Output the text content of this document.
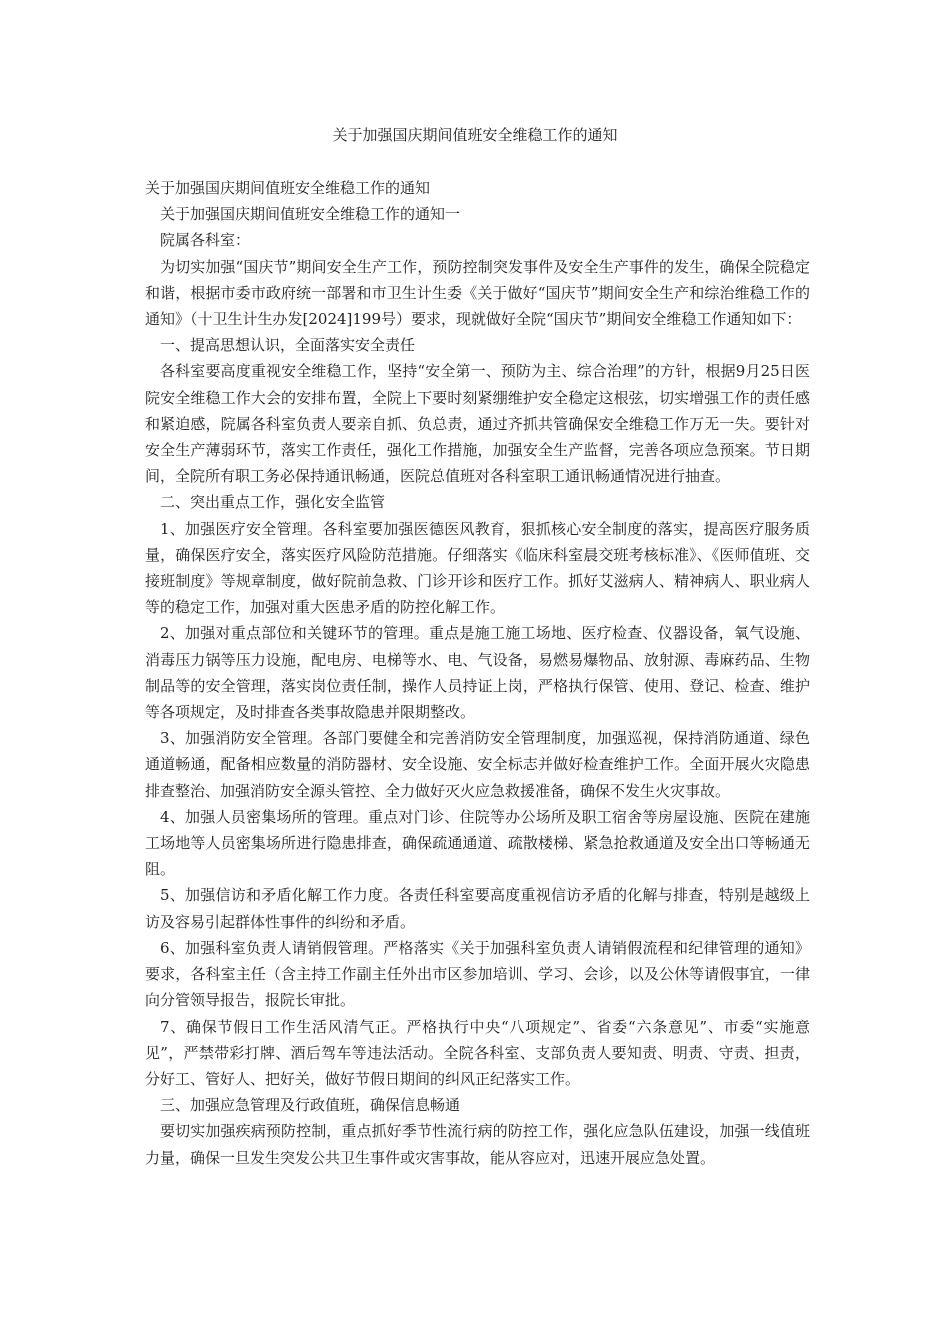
关于加强国庆期间值班安全维稳工作的通知

关于加强国庆期间值班安全维稳工作的通知

关于加强国庆期间值班安全维稳工作的通知一

院属各科室：

为切实加强“国庆节”期间安全生产工作，预防控制突发事件及安全生产事件的发生，确保全院稳定和谐，根据市委市政府统一部署和市卫生计生委《关于做好“国庆节”期间安全生产和综治维稳工作的通知》（十卫生计生办发[2024]199号）要求，现就做好全院“国庆节”期间安全维稳工作通知如下：

一、提高思想认识，全面落实安全责任

各科室要高度重视安全维稳工作，坚持“安全第一、预防为主、综合治理”的方针，根据9月25日医院安全维稳工作大会的安排布置，全院上下要时刻紧绷维护安全稳定这根弦，切实增强工作的责任感和紧迫感，院属各科室负责人要亲自抓、负总责，通过齐抓共管确保安全维稳工作万无一失。要针对安全生产薄弱环节，落实工作责任，强化工作措施，加强安全生产监督，完善各项应急预案。节日期间，全院所有职工务必保持通讯畅通，医院总值班对各科室职工通讯畅通情况进行抽查。

二、突出重点工作，强化安全监管

1、加强医疗安全管理。各科室要加强医德医风教育，狠抓核心安全制度的落实，提高医疗服务质量，确保医疗安全，落实医疗风险防范措施。仔细落实《临床科室晨交班考核标准》、《医师值班、交接班制度》等规章制度，做好院前急救、门诊开诊和医疗工作。抓好艾滋病人、精神病人、职业病人等的稳定工作，加强对重大医患矛盾的防控化解工作。

2、加强对重点部位和关键环节的管理。重点是施工施工场地、医疗检查、仪器设备，氧气设施、消毒压力锅等压力设施，配电房、电梯等水、电、气设备，易燃易爆物品、放射源、毒麻药品、生物制品等的安全管理，落实岗位责任制，操作人员持证上岗，严格执行保管、使用、登记、检查、维护等各项规定，及时排查各类事故隐患并限期整改。

3、加强消防安全管理。各部门要健全和完善消防安全管理制度，加强巡视，保持消防通道、绿色通道畅通，配备相应数量的消防器材、安全设施、安全标志并做好检查维护工作。全面开展火灾隐患排查整治、加强消防安全源头管控、全力做好灭火应急救援准备，确保不发生火灾事故。

4、加强人员密集场所的管理。重点对门诊、住院等办公场所及职工宿舍等房屋设施、医院在建施工场地等人员密集场所进行隐患排查，确保疏通通道、疏散楼梯、紧急抢救通道及安全出口等畅通无阻。

5、加强信访和矛盾化解工作力度。各责任科室要高度重视信访矛盾的化解与排查，特别是越级上访及容易引起群体性事件的纠纷和矛盾。

6、加强科室负责人请销假管理。严格落实《关于加强科室负责人请销假流程和纪律管理的通知》要求，各科室主任（含主持工作副主任外出市区参加培训、学习、会诊，以及公休等请假事宜，一律向分管领导报告，报院长审批。

7、确保节假日工作生活风清气正。严格执行中央“八项规定”、省委“六条意见”、市委“实施意见”，严禁带彩打牌、酒后驾车等违法活动。全院各科室、支部负责人要知责、明责、守责、担责，分好工、管好人、把好关，做好节假日期间的纠风正纪落实工作。

三、加强应急管理及行政值班，确保信息畅通

要切实加强疾病预防控制，重点抓好季节性流行病的防控工作，强化应急队伍建设，加强一线值班力量，确保一旦发生突发公共卫生事件或灾害事故，能从容应对，迅速开展应急处置。
